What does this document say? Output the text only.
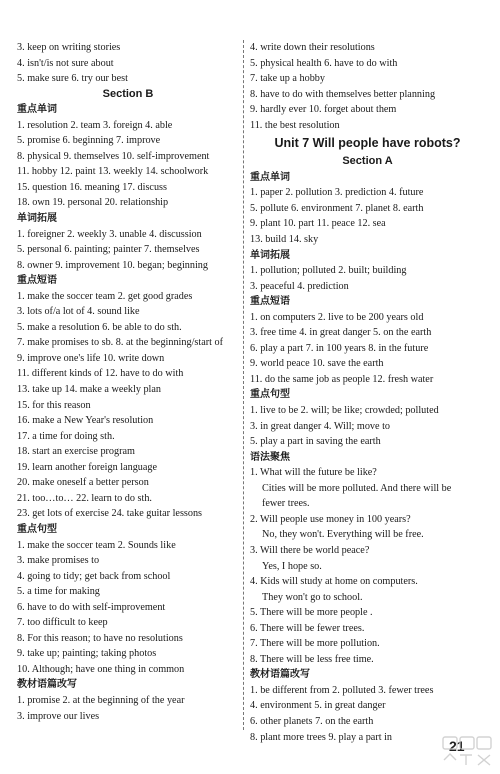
3. keep on writing stories
4. isn't/is not sure about
5. make sure 6. try our best
Section B
重点单词
1. resolution 2. team 3. foreign 4. able
5. promise 6. beginning 7. improve
8. physical 9. themselves 10. self-improvement
11. hobby 12. paint 13. weekly 14. schoolwork
15. question 16. meaning 17. discuss
18. own 19. personal 20. relationship
单词拓展
1. foreigner 2. weekly 3. unable 4. discussion
5. personal 6. painting; painter 7. themselves
8. owner 9. improvement 10. began; beginning
重点短语
1. make the soccer team 2. get good grades
3. lots of/a lot of 4. sound like
5. make a resolution 6. be able to do sth.
7. make promises to sb. 8. at the beginning/start of
9. improve one's life 10. write down
11. different kinds of 12. have to do with
13. take up 14. make a weekly plan
15. for this reason
16. make a New Year's resolution
17. a time for doing sth.
18. start an exercise program
19. learn another foreign language
20. make oneself a better person
21. too…to… 22. learn to do sth.
23. get lots of exercise 24. take guitar lessons
重点句型
1. make the soccer team 2. Sounds like
3. make promises to
4. going to tidy; get back from school
5. a time for making
6. have to do with self-improvement
7. too difficult to keep
8. For this reason; to have no resolutions
9. take up; painting; taking photos
10. Although; have one thing in common
教材语篇改写
1. promise 2. at the beginning of the year
3. improve our lives
4. write down their resolutions
5. physical health 6. have to do with
7. take up a hobby
8. have to do with themselves better planning
9. hardly ever 10. forget about them
11. the best resolution
Unit 7 Will people have robots?
Section A
重点单词
1. paper 2. pollution 3. prediction 4. future
5. pollute 6. environment 7. planet 8. earth
9. plant 10. part 11. peace 12. sea
13. build 14. sky
单词拓展
1. pollution; polluted 2. built; building
3. peaceful 4. prediction
重点短语
1. on computers 2. live to be 200 years old
3. free time 4. in great danger 5. on the earth
6. play a part 7. in 100 years 8. in the future
9. world peace 10. save the earth
11. do the same job as people 12. fresh water
重点句型
1. live to be 2. will; be like; crowded; polluted
3. in great danger 4. Will; move to
5. play a part in saving the earth
语法聚焦
1. What will the future be like?
Cities will be more polluted. And there will be
fewer trees.
2. Will people use money in 100 years?
No, they won't. Everything will be free.
3. Will there be world peace?
Yes, I hope so.
4. Kids will study at home on computers.
They won't go to school.
5. There will be more people .
6. There will be fewer trees.
7. There will be more pollution.
8. There will be less free time.
教材语篇改写
1. be different from 2. polluted 3. fewer trees
4. environment 5. in great danger
6. other planets 7. on the earth
8. plant more trees 9. play a part in
21
